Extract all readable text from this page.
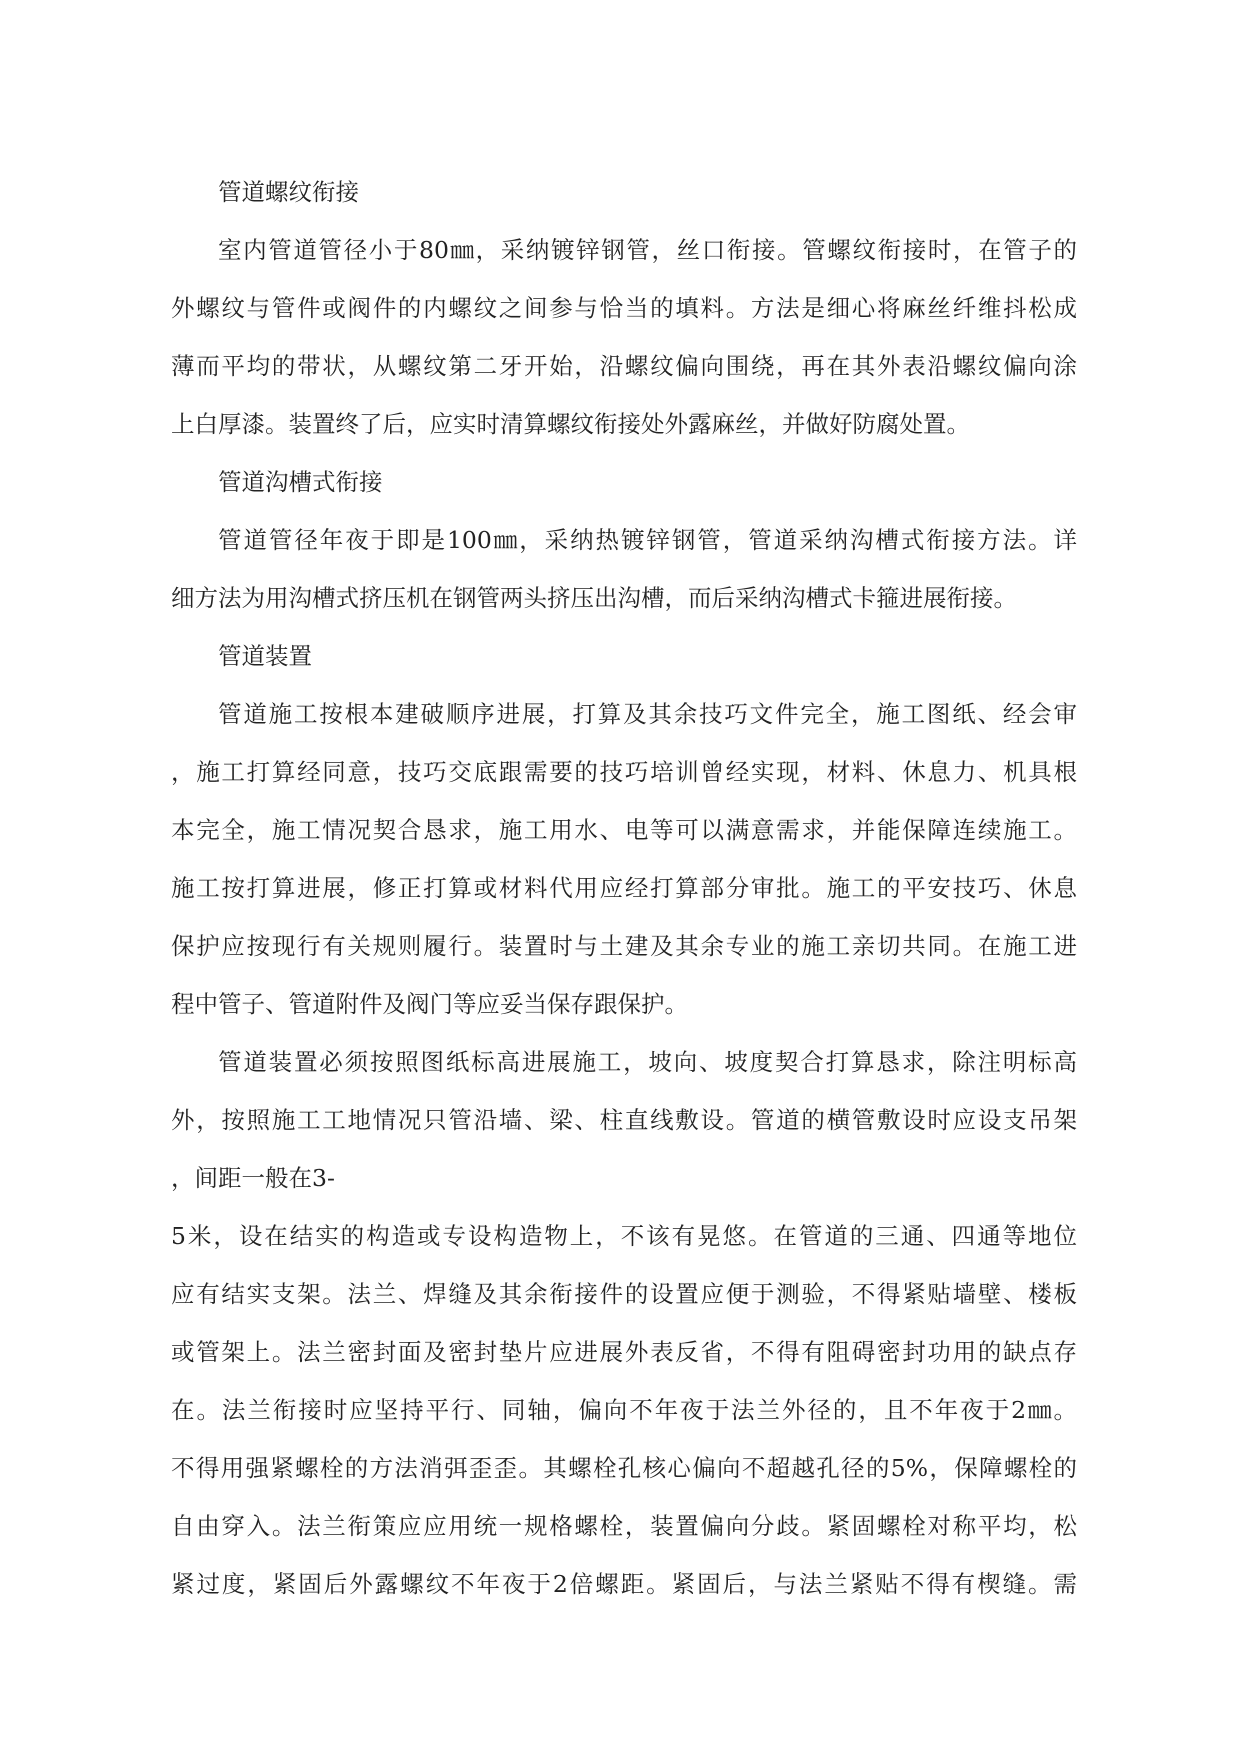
管道螺纹衔接
室内管道管径小于80㎜，采纳镀锌钢管，丝口衔接。管螺纹衔接时，在管子的
外螺纹与管件或阀件的内螺纹之间参与恰当的填料。方法是细心将麻丝纤维抖松成
薄而平均的带状，从螺纹第二牙开始，沿螺纹偏向围绕，再在其外表沿螺纹偏向涂
上白厚漆。装置终了后，应实时清算螺纹衔接处外露麻丝，并做好防腐处置。
管道沟槽式衔接
管道管径年夜于即是100㎜，采纳热镀锌钢管，管道采纳沟槽式衔接方法。详
细方法为用沟槽式挤压机在钢管两头挤压出沟槽，而后采纳沟槽式卡箍进展衔接。
管道装置
管道施工按根本建破顺序进展，打算及其余技巧文件完全，施工图纸、经会审
，施工打算经同意，技巧交底跟需要的技巧培训曾经实现，材料、休息力、机具根
本完全，施工情况契合恳求，施工用水、电等可以满意需求，并能保障连续施工。
施工按打算进展，修正打算或材料代用应经打算部分审批。施工的平安技巧、休息
保护应按现行有关规则履行。装置时与土建及其余专业的施工亲切共同。在施工进
程中管子、管道附件及阀门等应妥当保存跟保护。
管道装置必须按照图纸标高进展施工，坡向、坡度契合打算恳求，除注明标高
外，按照施工工地情况只管沿墙、梁、柱直线敷设。管道的横管敷设时应设支吊架
，间距一般在3-
5米，设在结实的构造或专设构造物上，不该有晃悠。在管道的三通、四通等地位
应有结实支架。法兰、焊缝及其余衔接件的设置应便于测验，不得紧贴墙壁、楼板
或管架上。法兰密封面及密封垫片应进展外表反省，不得有阻碍密封功用的缺点存
在。法兰衔接时应坚持平行、同轴，偏向不年夜于法兰外径的，且不年夜于2㎜。
不得用强紧螺栓的方法消弭歪歪。其螺栓孔核心偏向不超越孔径的5%，保障螺栓的
自由穿入。法兰衔策应应用统一规格螺栓，装置偏向分歧。紧固螺栓对称平均，松
紧过度，紧固后外露螺纹不年夜于2倍螺距。紧固后，与法兰紧贴不得有楔缝。需
